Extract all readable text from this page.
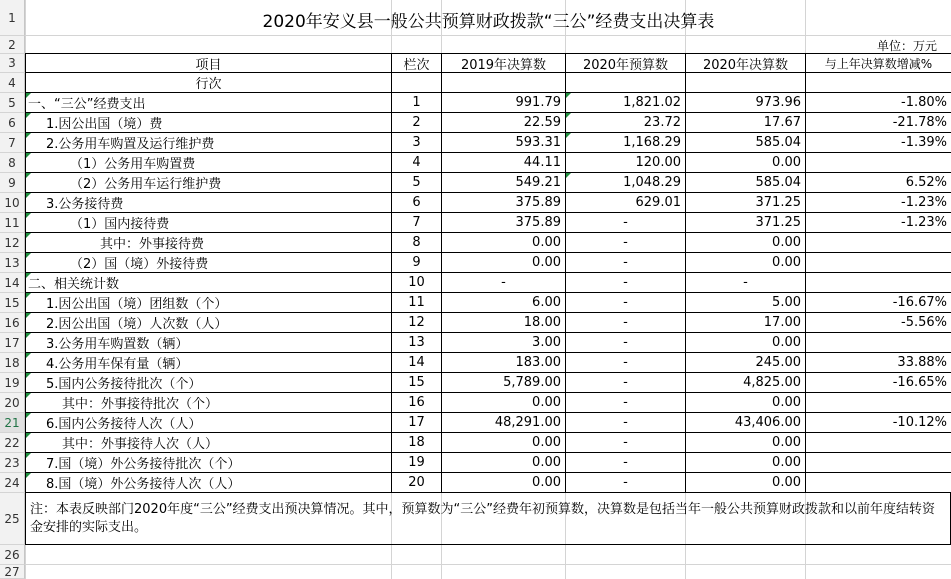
1
2
3
4
5
6
7
8
9
10
11
12
13
14
15
16
17
18
19
20
21
22
23
24
25
26
27
2020年安义县一般公共预算财政拨款“三公”经费支出决算表
单位：万元
项目	栏次	2019年决算数	2020年预算数	2020年决算数	与上年决算数增减%
行次
一、“三公”经费支出	1	991.79	1,821.02	973.96	-1.80%
1.因公出国（境）费	2	22.59	23.72	17.67	-21.78%
2.公务用车购置及运行维护费	3	593.31	1,168.29	585.04	-1.39%
（1）公务用车购置费	4	44.11	120.00	0.00
（2）公务用车运行维护费	5	549.21	1,048.29	585.04	6.52%
3.公务接待费	6	375.89	629.01	371.25	-1.23%
（1）国内接待费	7	375.89	-	371.25	-1.23%
其中：外事接待费	8	0.00	-	0.00
（2）国（境）外接待费	9	0.00	-	0.00
二、相关统计数	10	-	-	-
1.因公出国（境）团组数（个）	11	6.00	-	5.00	-16.67%
2.因公出国（境）人次数（人）	12	18.00	-	17.00	-5.56%
3.公务用车购置数（辆）	13	3.00	-	0.00
4.公务用车保有量（辆）	14	183.00	-	245.00	33.88%
5.国内公务接待批次（个）	15	5,789.00	-	4,825.00	-16.65%
其中：外事接待批次（个）	16	0.00	-	0.00
6.国内公务接待人次（人）	17	48,291.00	-	43,406.00	-10.12%
其中：外事接待人次（人）	18	0.00	-	0.00
7.国（境）外公务接待批次（个）	19	0.00	-	0.00
8.国（境）外公务接待人次（人）	20	0.00	-	0.00
注：本表反映部门2020年度“三公”经费支出预决算情况。其中，预算数为“三公”经费年初预算数，决算数是包括当年一般公共预算财政拨款和以前年度结转资金安排的实际支出。
